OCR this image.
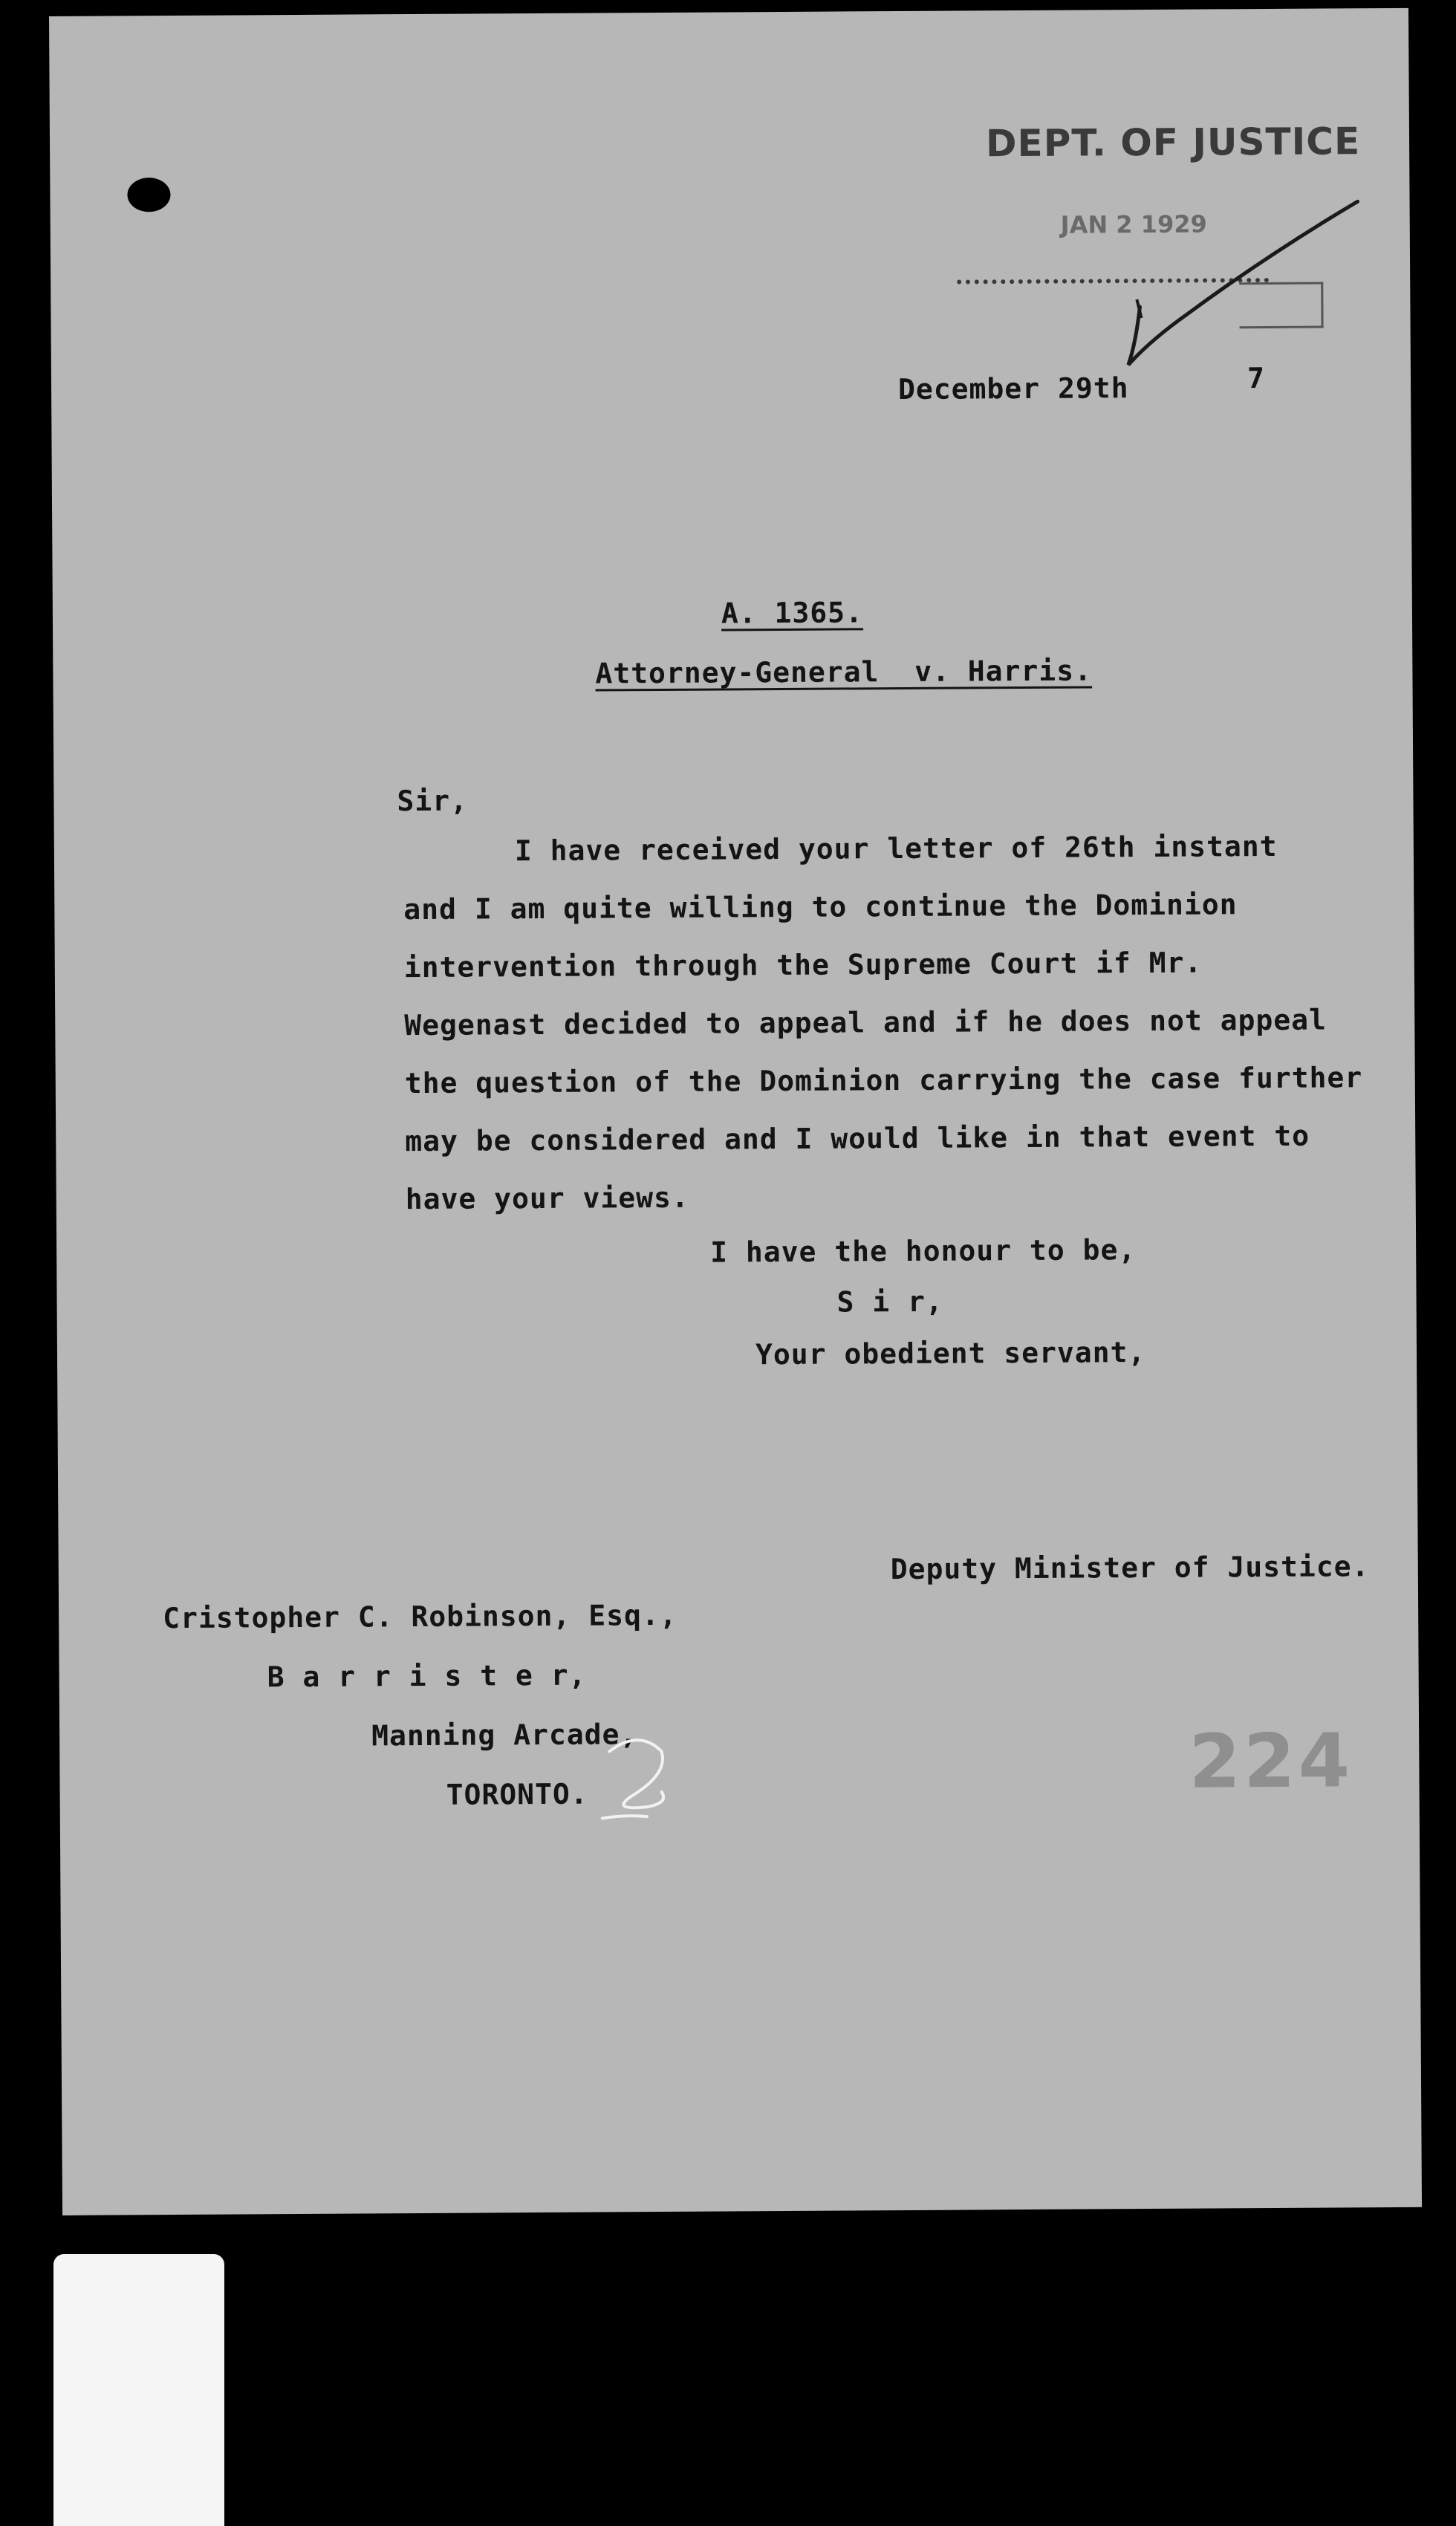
DEPT. OF JUSTICE
JAN 2 1929
December 29th	7
A. 1365.
Attorney-General  v. Harris.
Sir,
I have received your letter of 26th instant
and I am quite willing to continue the Dominion
intervention through the Supreme Court if Mr.
Wegenast decided to appeal and if he does not appeal
the question of the Dominion carrying the case further
may be considered and I would like in that event to
have your views.
I have the honour to be,
S i r,
Your obedient servant,
Deputy Minister of Justice.
Cristopher C. Robinson, Esq.,
B a r r i s t e r,
Manning Arcade,
TORONTO.	224
